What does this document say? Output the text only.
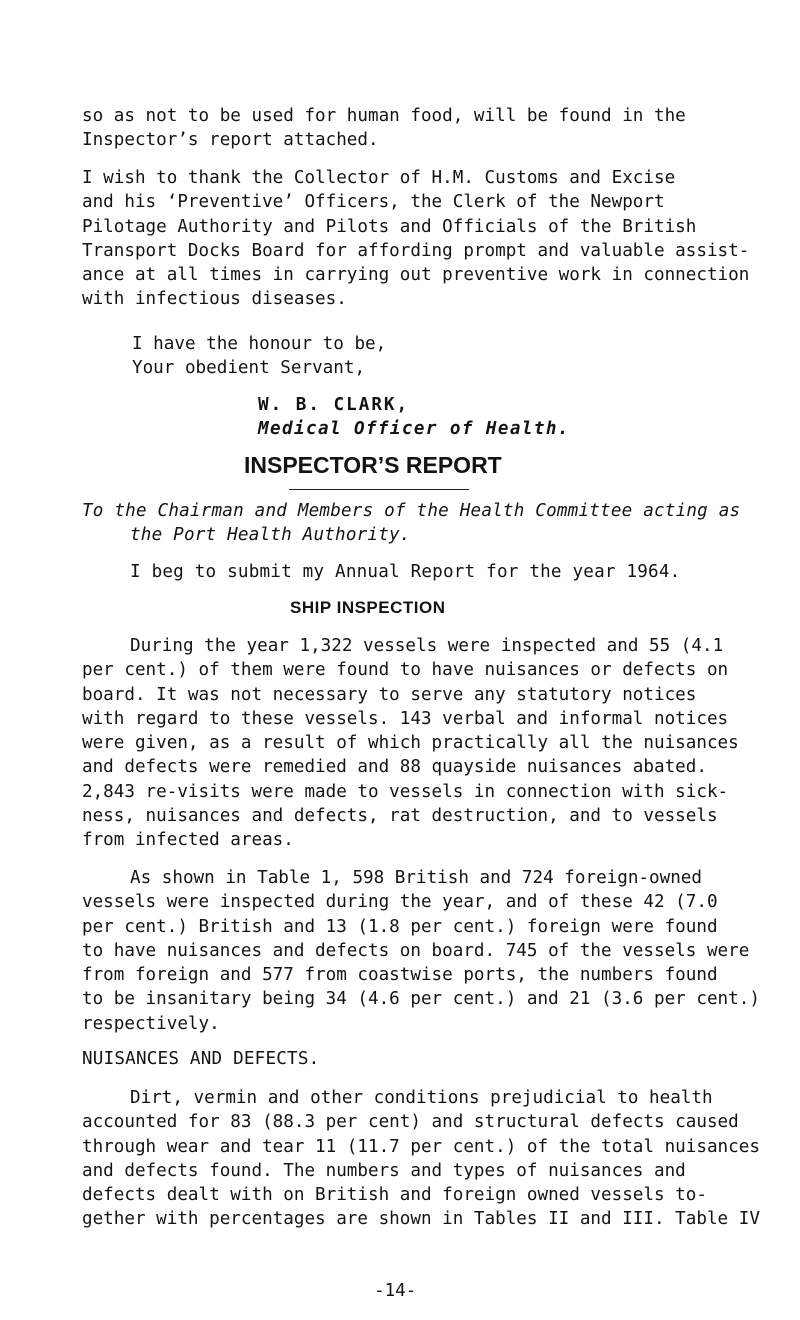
so as not to be used for human food, will be found in the
Inspector’s report attached.
I wish to thank the Collector of H.M. Customs and Excise
and his ‘Preventive’ Officers, the Clerk of the Newport
Pilotage Authority and Pilots and Officials of the British
Transport Docks Board for affording prompt and valuable assist-
ance at all times in carrying out preventive work in connection
with infectious diseases.

I have the honour to be,

Your obedient Servant,

W. B. CLARK,

Medical Officer of Health.

INSPECTOR’S REPORT

To the Chairman and Members of the Health Committee acting as

the Port Health Authority.

I beg to submit my Annual Report for the year 1964.

SHIP INSPECTION

During the year 1,322 vessels were inspected and 55 (4.1
per cent.) of them were found to have nuisances or defects on
board. It was not necessary to serve any statutory notices
with regard to these vessels. 143 verbal and informal notices
were given, as a result of which practically all the nuisances
and defects were remedied and 88 quayside nuisances abated.
2,843 re-visits were made to vessels in connection with sick-
ness, nuisances and defects, rat destruction, and to vessels
from infected areas.
As shown in Table 1, 598 British and 724 foreign-owned
vessels were inspected during the year, and of these 42 (7.0
per cent.) British and 13 (1.8 per cent.) foreign were found
to have nuisances and defects on board. 745 of the vessels were
from foreign and 577 from coastwise ports, the numbers found
to be insanitary being 34 (4.6 per cent.) and 21 (3.6 per cent.)
respectively.

NUISANCES AND DEFECTS.

Dirt, vermin and other conditions prejudicial to health
accounted for 83 (88.3 per cent) and structural defects caused
through wear and tear 11 (11.7 per cent.) of the total nuisances
and defects found. The numbers and types of nuisances and
defects dealt with on British and foreign owned vessels to-
gether with percentages are shown in Tables II and III. Table IV

-14-
